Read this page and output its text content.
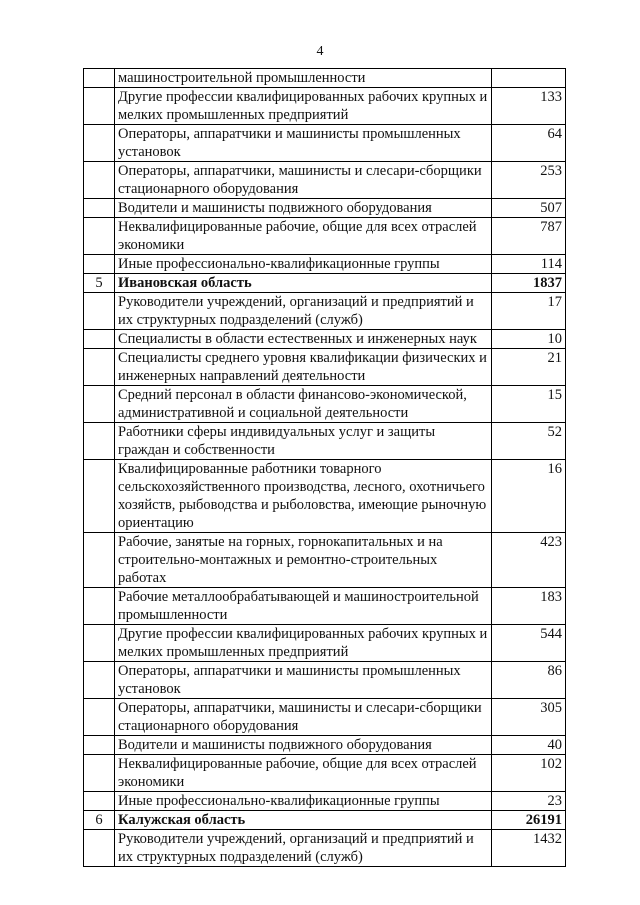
4
	машиностроительной промышленности	
	Другие профессии квалифицированных рабочих крупных и мелких промышленных предприятий	133
	Операторы, аппаратчики и машинисты промышленных установок	64
	Операторы, аппаратчики, машинисты и слесари-сборщики стационарного оборудования	253
	Водители и машинисты подвижного оборудования	507
	Неквалифицированные рабочие, общие для всех отраслей экономики	787
	Иные профессионально-квалификационные группы	114
5	Ивановская область	1837
	Руководители учреждений, организаций и предприятий и их структурных подразделений (служб)	17
	Специалисты в области естественных и инженерных наук	10
	Специалисты среднего уровня квалификации физических и инженерных направлений деятельности	21
	Средний персонал в области финансово-экономической, административной и социальной деятельности	15
	Работники сферы индивидуальных услуг и защиты граждан и собственности	52
	Квалифицированные работники товарного сельскохозяйственного производства, лесного, охотничьего хозяйств, рыбоводства и рыболовства, имеющие рыночную ориентацию	16
	Рабочие, занятые на горных, горнокапитальных и на строительно-монтажных и ремонтно-строительных работах	423
	Рабочие металлообрабатывающей и машиностроительной промышленности	183
	Другие профессии квалифицированных рабочих крупных и мелких промышленных предприятий	544
	Операторы, аппаратчики и машинисты промышленных установок	86
	Операторы, аппаратчики, машинисты и слесари-сборщики стационарного оборудования	305
	Водители и машинисты подвижного оборудования	40
	Неквалифицированные рабочие, общие для всех отраслей экономики	102
	Иные профессионально-квалификационные группы	23
6	Калужская область	26191
	Руководители учреждений, организаций и предприятий и их структурных подразделений (служб)	1432
